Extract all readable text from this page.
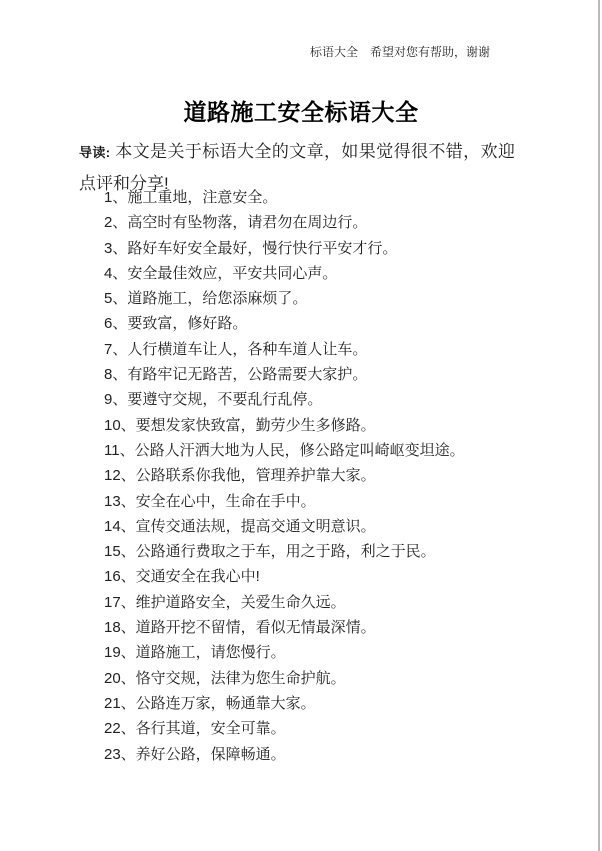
标语大全　希望对您有帮助，谢谢
道路施工安全标语大全

导读: 本文是关于标语大全的文章，如果觉得很不错，欢迎点评和分享!

1、施工重地，注意安全。
2、高空时有坠物落，请君勿在周边行。
3、路好车好安全最好，慢行快行平安才行。
4、安全最佳效应，平安共同心声。
5、道路施工，给您添麻烦了。
6、要致富，修好路。
7、人行横道车让人，各种车道人让车。
8、有路牢记无路苦，公路需要大家护。
9、要遵守交规，不要乱行乱停。
10、要想发家快致富，勤劳少生多修路。
11、公路人汗洒大地为人民，修公路定叫崎岖变坦途。
12、公路联系你我他，管理养护靠大家。
13、安全在心中，生命在手中。
14、宣传交通法规，提高交通文明意识。
15、公路通行费取之于车，用之于路，利之于民。
16、交通安全在我心中!
17、维护道路安全，关爱生命久远。
18、道路开挖不留情，看似无情最深情。
19、道路施工，请您慢行。
20、恪守交规，法律为您生命护航。
21、公路连万家，畅通靠大家。
22、各行其道，安全可靠。
23、养好公路，保障畅通。
